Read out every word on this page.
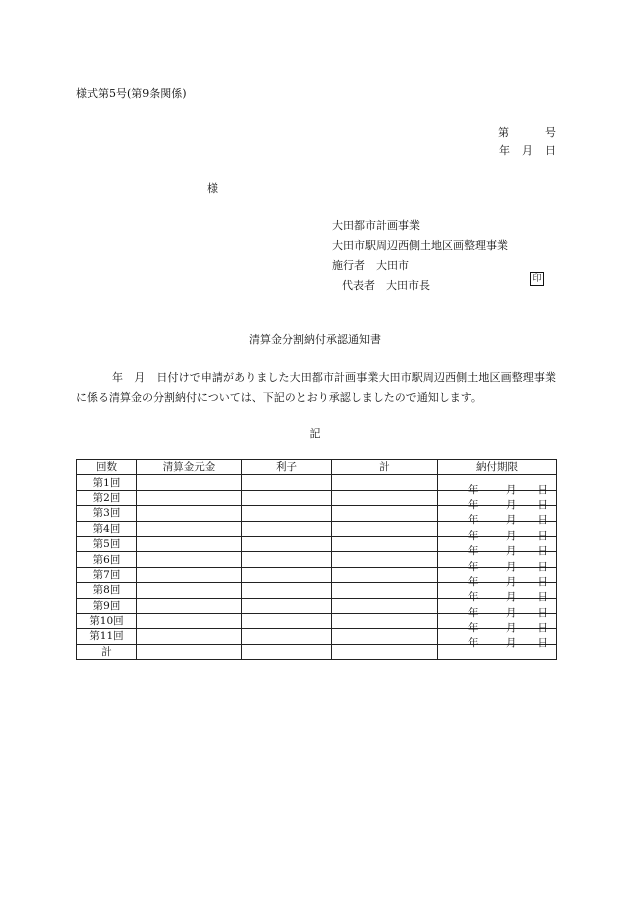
様式第5号(第9条関係)
第	号
年 月 日
様
大田都市計画事業
大田市駅周辺西側土地区画整理事業
施行者　大田市
代表者　大田市長	印
清算金分割納付承認通知書
年　月　日付けで申請がありました大田都市計画事業大田市駅周辺西側土地区画整理事業に係る清算金の分割納付については、下記のとおり承認しましたので通知します。
記
回数	清算金元金	利子	計	納付期限
第1回				年 月 日

第2回				年 月 日

第3回				年 月 日

第4回				年 月 日

第5回				年 月 日

第6回				年 月 日

第7回				年 月 日

第8回				年 月 日

第9回				年 月 日

第10回				年 月 日

第11回				年 月 日

計				
